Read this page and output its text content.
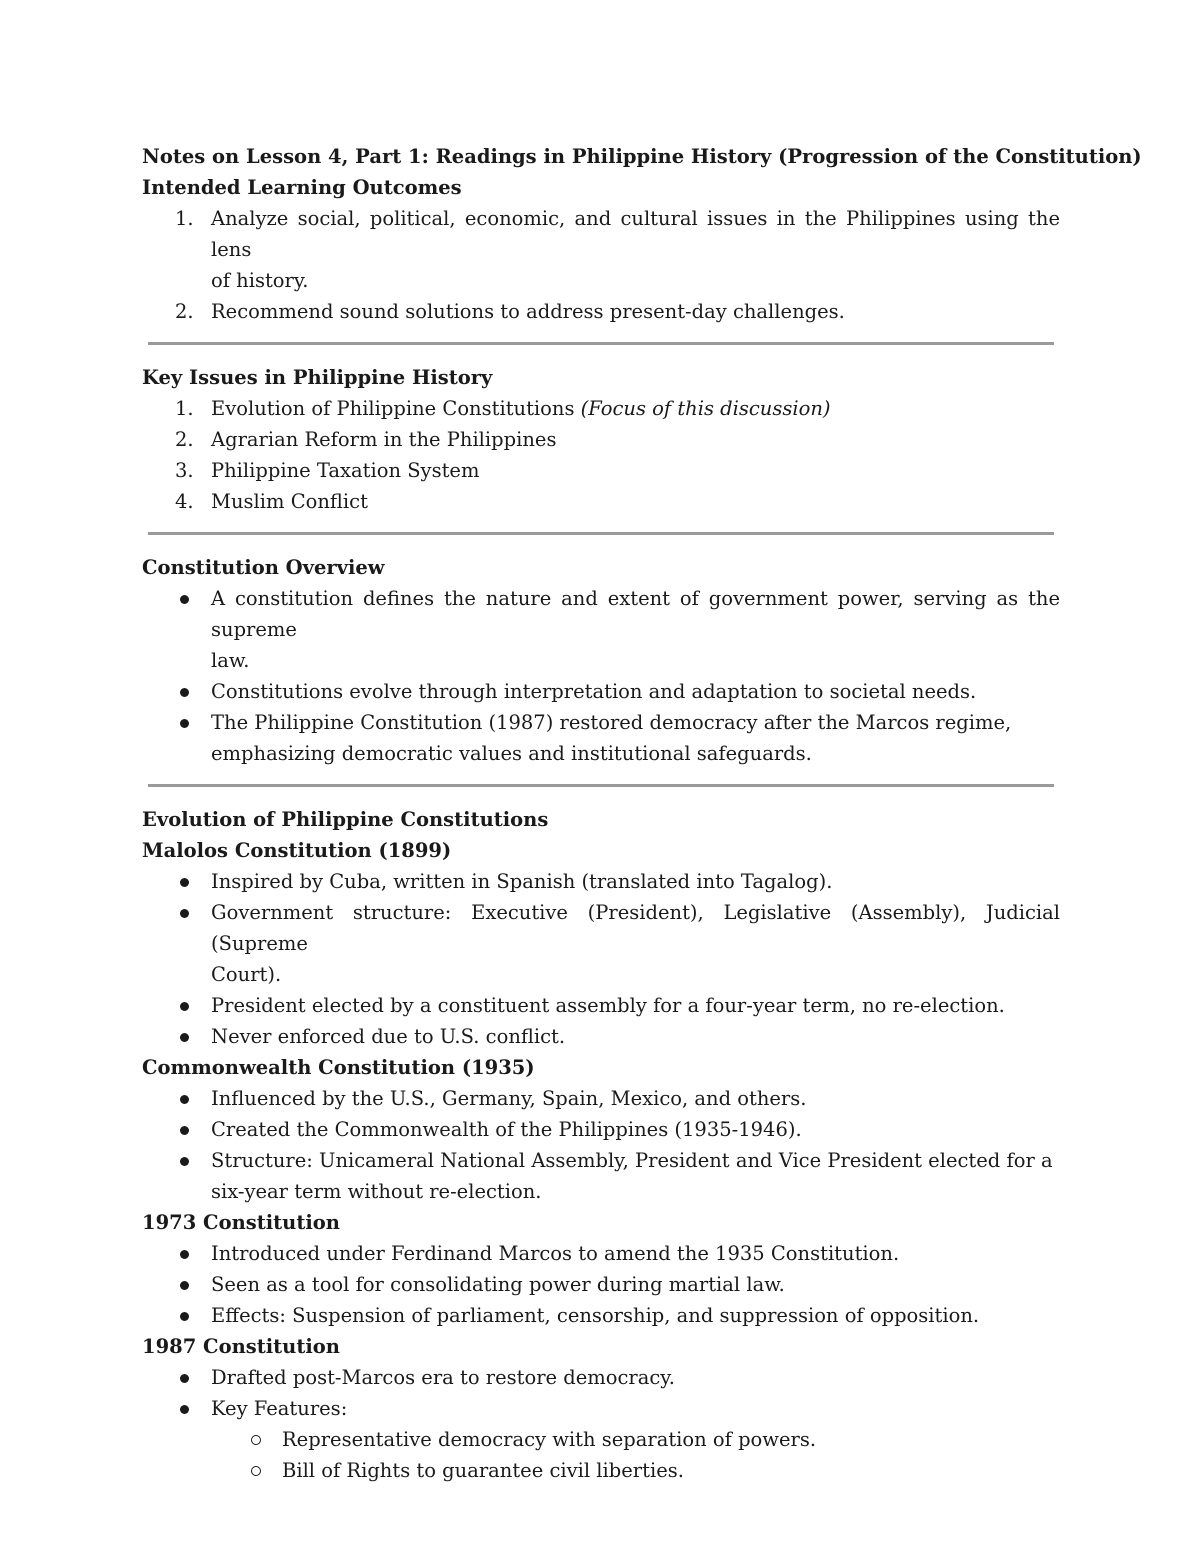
Notes on Lesson 4, Part 1: Readings in Philippine History (Progression of the Constitution)
Intended Learning Outcomes
1. Analyze social, political, economic, and cultural issues in the Philippines using the lens
of history.
2. Recommend sound solutions to address present-day challenges.
Key Issues in Philippine History
1. Evolution of Philippine Constitutions (Focus of this discussion)
2. Agrarian Reform in the Philippines
3. Philippine Taxation System
4. Muslim Conflict
Constitution Overview
A constitution defines the nature and extent of government power, serving as the supreme
law.
Constitutions evolve through interpretation and adaptation to societal needs.
The Philippine Constitution (1987) restored democracy after the Marcos regime,
emphasizing democratic values and institutional safeguards.
Evolution of Philippine Constitutions
Malolos Constitution (1899)
Inspired by Cuba, written in Spanish (translated into Tagalog).
Government structure: Executive (President), Legislative (Assembly), Judicial (Supreme
Court).
President elected by a constituent assembly for a four-year term, no re-election.
Never enforced due to U.S. conflict.
Commonwealth Constitution (1935)
Influenced by the U.S., Germany, Spain, Mexico, and others.
Created the Commonwealth of the Philippines (1935-1946).
Structure: Unicameral National Assembly, President and Vice President elected for a
six-year term without re-election.
1973 Constitution
Introduced under Ferdinand Marcos to amend the 1935 Constitution.
Seen as a tool for consolidating power during martial law.
Effects: Suspension of parliament, censorship, and suppression of opposition.
1987 Constitution
Drafted post-Marcos era to restore democracy.
Key Features:
Representative democracy with separation of powers.
Bill of Rights to guarantee civil liberties.
